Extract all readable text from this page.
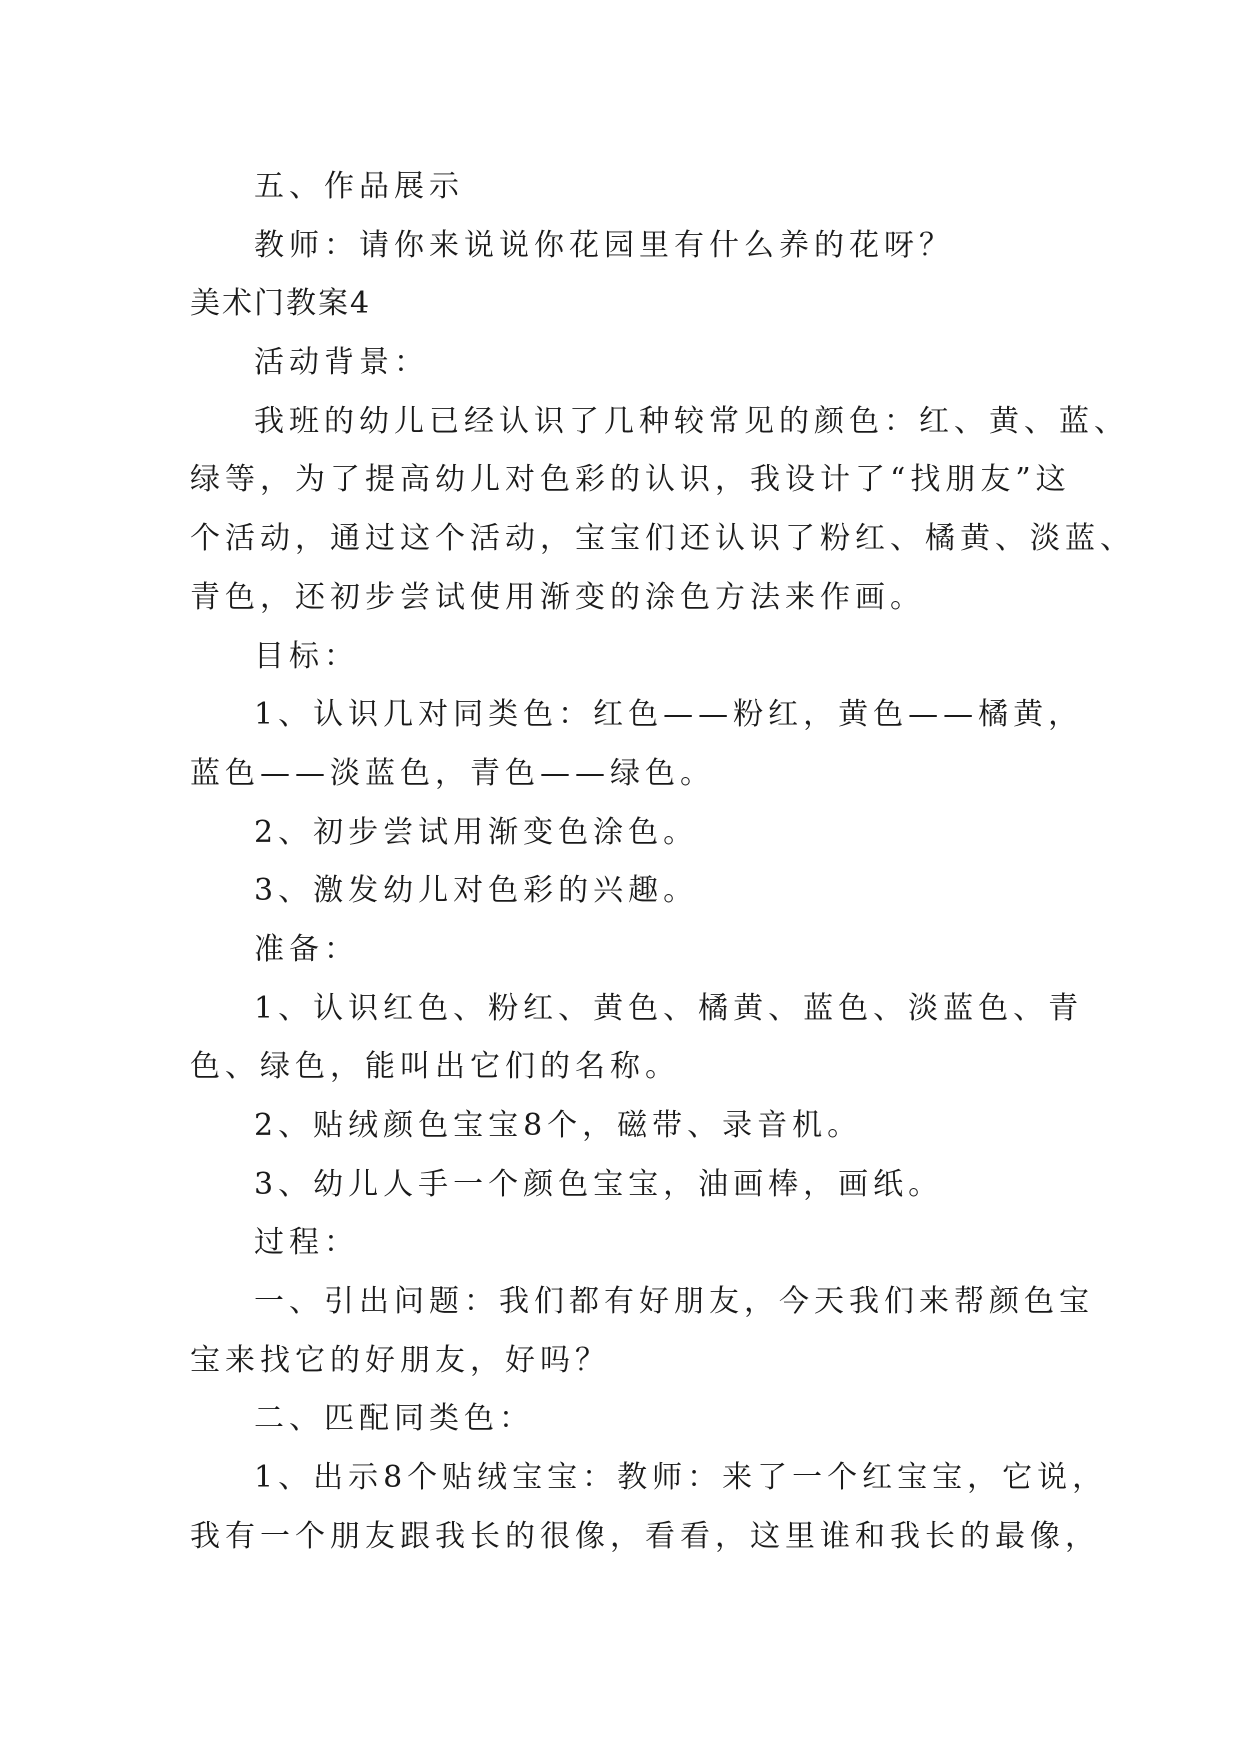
五、作品展示
教师：请你来说说你花园里有什么养的花呀？
美术门教案4
活动背景：
我班的幼儿已经认识了几种较常见的颜色：红、黄、蓝、
绿等，为了提高幼儿对色彩的认识，我设计了“找朋友”这
个活动，通过这个活动，宝宝们还认识了粉红、橘黄、淡蓝、
青色，还初步尝试使用渐变的涂色方法来作画。
目标：
1、认识几对同类色：红色——粉红，黄色——橘黄，
蓝色——淡蓝色，青色——绿色。
2、初步尝试用渐变色涂色。
3、激发幼儿对色彩的兴趣。
准备：
1、认识红色、粉红、黄色、橘黄、蓝色、淡蓝色、青
色、绿色，能叫出它们的名称。
2、贴绒颜色宝宝8个，磁带、录音机。
3、幼儿人手一个颜色宝宝，油画棒，画纸。
过程：
一、引出问题：我们都有好朋友，今天我们来帮颜色宝
宝来找它的好朋友，好吗？
二、匹配同类色：
1、出示8个贴绒宝宝：教师：来了一个红宝宝，它说，
我有一个朋友跟我长的很像，看看，这里谁和我长的最像，
